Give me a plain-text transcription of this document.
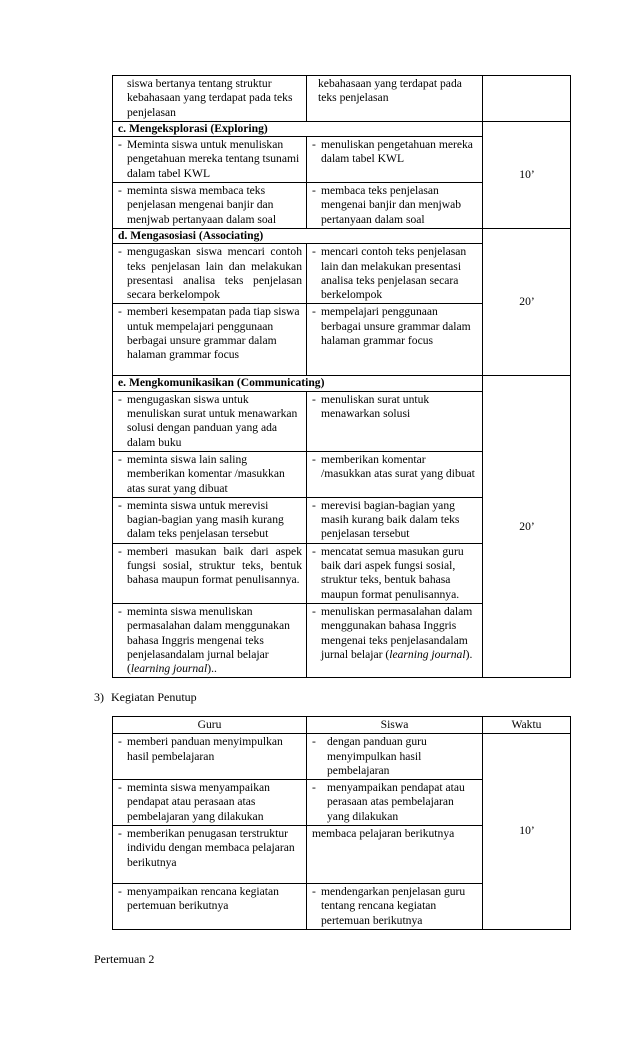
siswa bertanya tentang struktur kebahasaan yang terdapat pada teks penjelasan	kebahasaan yang terdapat pada teks penjelasan	

c. Mengeksplorasi (Exploring)		10’

- Meminta siswa untuk menuliskan pengetahuan mereka tentang tsunami dalam tabel KWL	- menuliskan pengetahuan mereka dalam tabel KWL	

- meminta siswa membaca teks penjelasan mengenai banjir dan menjwab pertanyaan dalam soal	- membaca teks penjelasan mengenai banjir dan menjwab pertanyaan dalam soal	

d. Mengasosiasi (Associating)		20’

- mengugaskan siswa mencari contoh teks penjelasan lain dan melakukan presentasi analisa teks penjelasan secara berkelompok	- mencari contoh teks penjelasan lain dan melakukan presentasi analisa teks penjelasan secara berkelompok	

- memberi kesempatan pada tiap siswa untuk mempelajari penggunaan berbagai unsure grammar dalam halaman grammar focus	- mempelajari penggunaan berbagai unsure grammar dalam halaman grammar focus	

e. Mengkomunikasikan (Communicating)		20’

- mengugaskan siswa untuk menuliskan surat untuk menawarkan solusi dengan panduan yang ada dalam buku	- menuliskan surat untuk menawarkan solusi	

- meminta siswa lain saling memberikan komentar /masukkan atas surat yang dibuat	- memberikan komentar /masukkan atas surat yang dibuat	

- meminta siswa untuk merevisi bagian-bagian yang masih kurang dalam teks penjelasan tersebut	- merevisi bagian-bagian yang masih kurang baik dalam teks penjelasan tersebut	

- memberi masukan baik dari aspek fungsi sosial, struktur teks, bentuk bahasa maupun format penulisannya.	- mencatat semua masukan guru baik dari aspek fungsi sosial, struktur teks, bentuk bahasa maupun format penulisannya.	

- meminta siswa menuliskan permasalahan dalam menggunakan bahasa Inggris mengenai teks penjelasandalam jurnal belajar (learning journal)..	- menuliskan permasalahan dalam menggunakan bahasa Inggris mengenai teks penjelasandalam jurnal belajar (learning journal).	
3) Kegiatan Penutup
Guru	Siswa	Waktu

- memberi panduan menyimpulkan hasil pembelajaran	- dengan panduan guru menyimpulkan hasil pembelajaran	10’

- meminta siswa menyampaikan pendapat atau perasaan atas pembelajaran yang dilakukan	- menyampaikan pendapat atau perasaan atas pembelajaran yang dilakukan	

- memberikan penugasan terstruktur individu dengan membaca pelajaran berikutnya	membaca pelajaran berikutnya	

- menyampaikan rencana kegiatan pertemuan berikutnya	- mendengarkan penjelasan guru tentang rencana kegiatan pertemuan berikutnya	
Pertemuan 2
